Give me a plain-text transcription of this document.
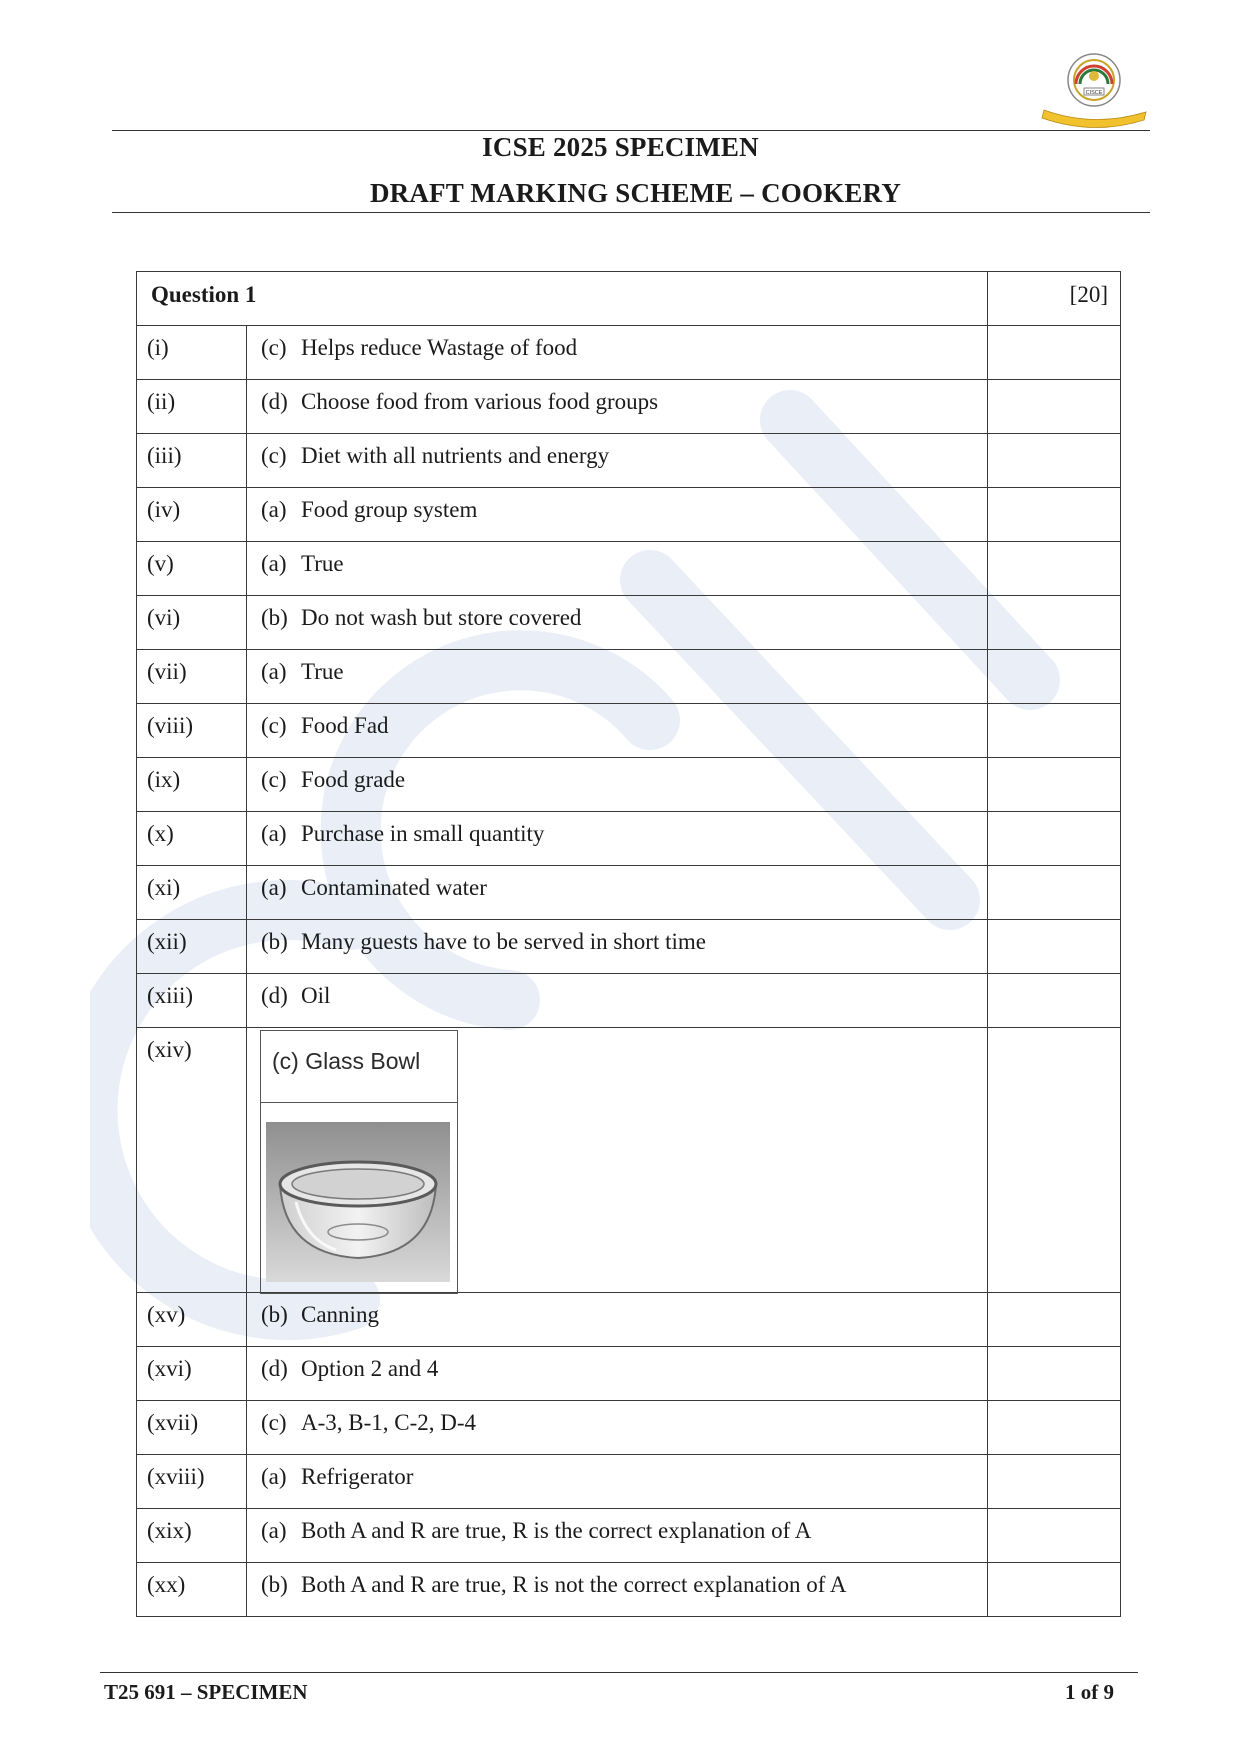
CISCE
ICSE 2025 SPECIMEN
DRAFT MARKING SCHEME – COOKERY
Question 1		[20]
(i)	(c) Helps reduce Wastage of food	

(ii)	(d) Choose food from various food groups	

(iii)	(c) Diet with all nutrients and energy	

(iv)	(a) Food group system	

(v)	(a) True	

(vi)	(b) Do not wash but store covered	

(vii)	(a) True	

(viii)	(c) Food Fad	

(ix)	(c) Food grade	

(x)	(a) Purchase in small quantity	

(xi)	(a) Contaminated water	

(xii)	(b) Many guests have to be served in short time	

(xiii)	(d) Oil	

(xiv)	(c) Glass Bowl	

(xv)	(b) Canning	

(xvi)	(d) Option 2 and 4	

(xvii)	(c) A-3, B-1, C-2, D-4	

(xviii)	(a) Refrigerator	

(xix)	(a) Both A and R are true, R is the correct explanation of A	

(xx)	(b) Both A and R are true, R is not the correct explanation of A	

T25 691 – SPECIMEN	1 of 9
